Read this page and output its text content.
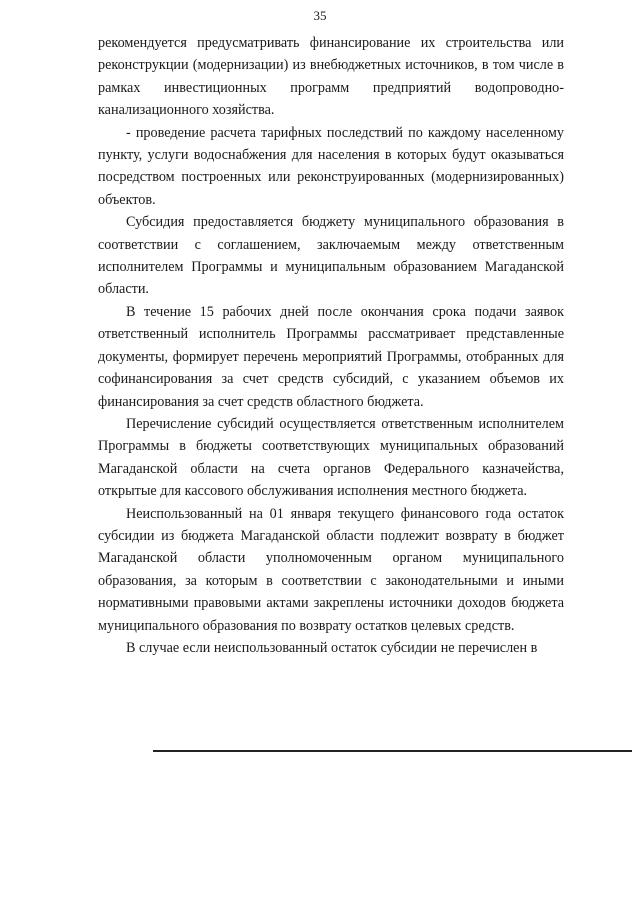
35

рекомендуется предусматривать финансирование их строительства или реконструкции (модернизации) из внебюджетных источников, в том числе в рамках инвестиционных программ предприятий водопроводно-канализационного хозяйства.

- проведение расчета тарифных последствий по каждому населенному пункту, услуги водоснабжения для населения в которых будут оказываться посредством построенных или реконструированных (модернизированных) объектов.

Субсидия предоставляется бюджету муниципального образования в соответствии с соглашением, заключаемым между ответственным исполнителем Программы и муниципальным образованием Магаданской области.

В течение 15 рабочих дней после окончания срока подачи заявок ответственный исполнитель Программы рассматривает представленные документы, формирует перечень мероприятий Программы, отобранных для софинансирования за счет средств субсидий, с указанием объемов их финансирования за счет средств областного бюджета.

Перечисление субсидий осуществляется ответственным исполнителем Программы в бюджеты соответствующих муниципальных образований Магаданской области на счета органов Федерального казначейства, открытые для кассового обслуживания исполнения местного бюджета.

Неиспользованный на 01 января текущего финансового года остаток субсидии из бюджета Магаданской области подлежит возврату в бюджет Магаданской области уполномоченным органом муниципального образования, за которым в соответствии с законодательными и иными нормативными правовыми актами закреплены источники доходов бюджета муниципального образования по возврату остатков целевых средств.

В случае если неиспользованный остаток субсидии не перечислен в
